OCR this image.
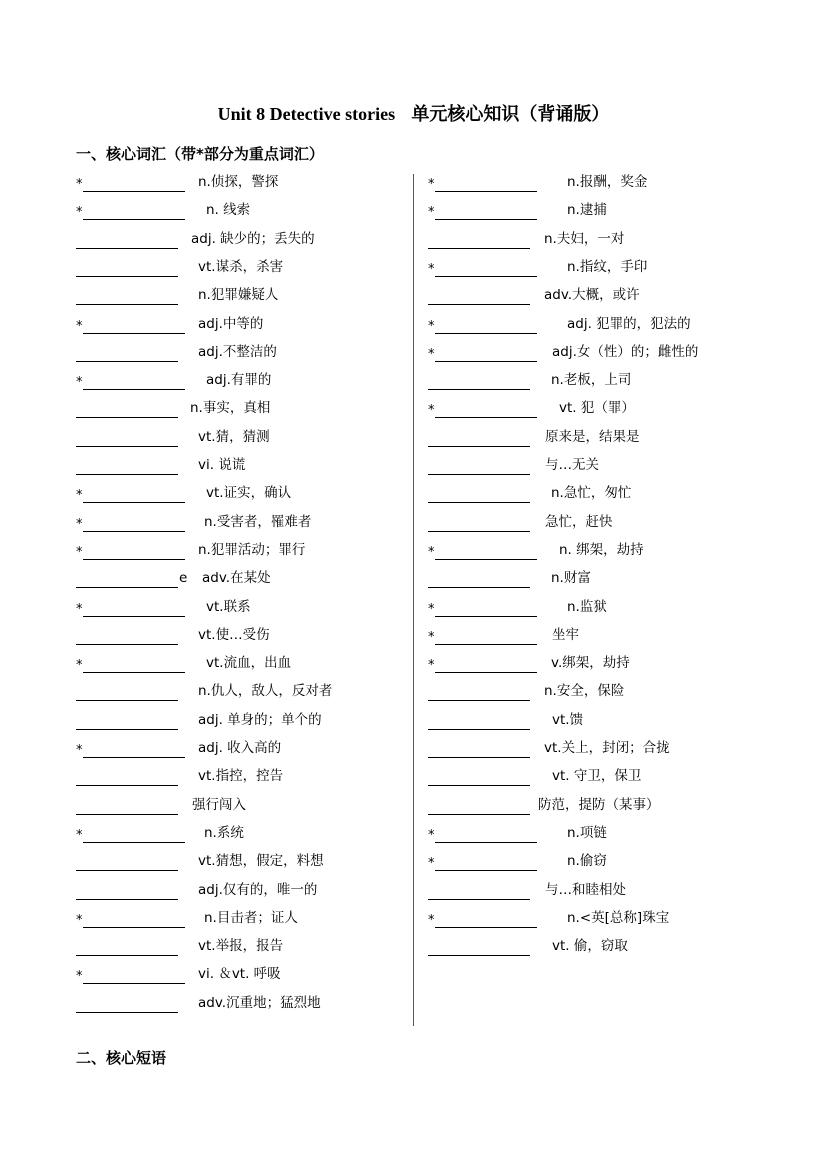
Unit 8 Detective stories 单元核心知识（背诵版）
一、核心词汇（带*部分为重点词汇）
*	n.侦探，警探
*	n. 线索
adj. 缺少的；丢失的
vt.谋杀，杀害
n.犯罪嫌疑人
*	adj.中等的
adj.不整洁的
*	adj.有罪的
n.事实，真相
vt.猜，猜测
vi. 说谎
*	vt.证实，确认
*	n.受害者，罹难者
*	n.犯罪活动；罪行
e adv.在某处
*	vt.联系
vt.使…受伤
*	vt.流血，出血
n.仇人，敌人，反对者
adj. 单身的；单个的
*	adj. 收入高的
vt.指控，控告
强行闯入
*	n.系统
vt.猜想，假定，料想
adj.仅有的，唯一的
*	n.目击者；证人
vt.举报，报告
*	vi. ＆vt. 呼吸
adv.沉重地；猛烈地
*	n.报酬，奖金
*	n.逮捕
n.夫妇，一对
*	n.指纹，手印
adv.大概，或许
*	adj. 犯罪的，犯法的
*	adj.女（性）的；雌性的
n.老板，上司
*	vt. 犯（罪）
原来是，结果是
与…无关
n.急忙，匆忙
急忙，赶快
*	n. 绑架，劫持
n.财富
*	n.监狱
*	坐牢
*	v.绑架，劫持
n.安全，保险
vt.馈
vt.关上，封闭；合拢
vt. 守卫，保卫
防范，提防（某事）
*	n.项链
*	n.偷窃
与…和睦相处
*	n.<英[总称]珠宝
vt. 偷，窃取
二、核心短语
